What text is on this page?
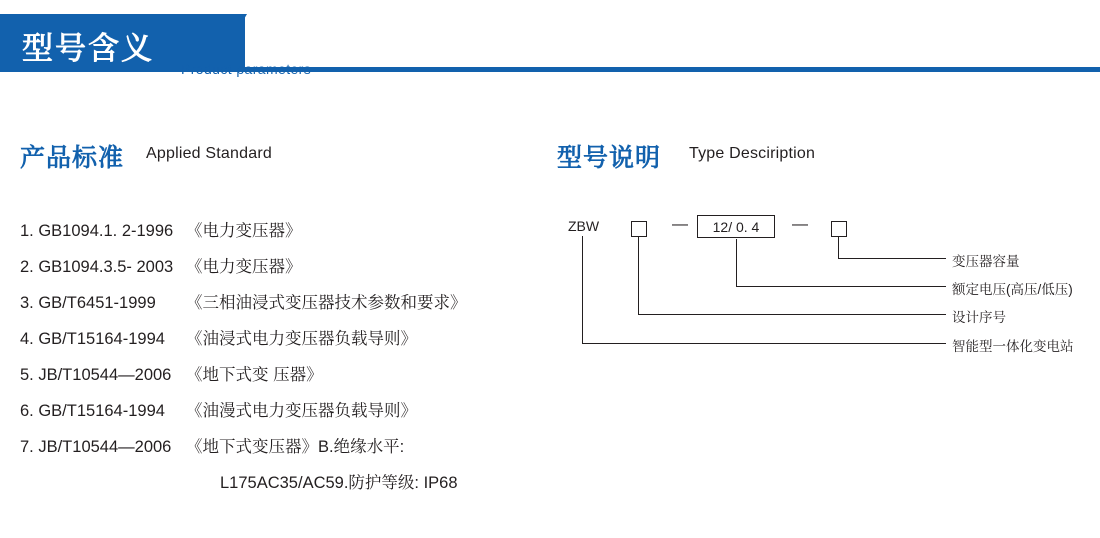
型号含义
Product parameters
产品标准 Applied Standard
1. GB1094.1. 2-1996 《电力变压器》
2. GB1094.3.5- 2003 《电力变压器》
3. GB/T6451-1999	《三相油浸式变压器技术参数和要求》
4. GB/T15164-1994	《油浸式电力变压器负载导则》
5. JB/T10544—2006 《地下式变 压器》
6. GB/T15164-1994	《油漫式电力变压器负载导则》
7. JB/T10544—2006 《地下式变压器》B.绝缘水平:
L175AC35/AC59.防护等级: IP68
型号说明 Type Desciription
ZBW	—	12/ 0. 4	—
变压器容量
额定电压(高压/低压)
设计序号
智能型一体化变电站
